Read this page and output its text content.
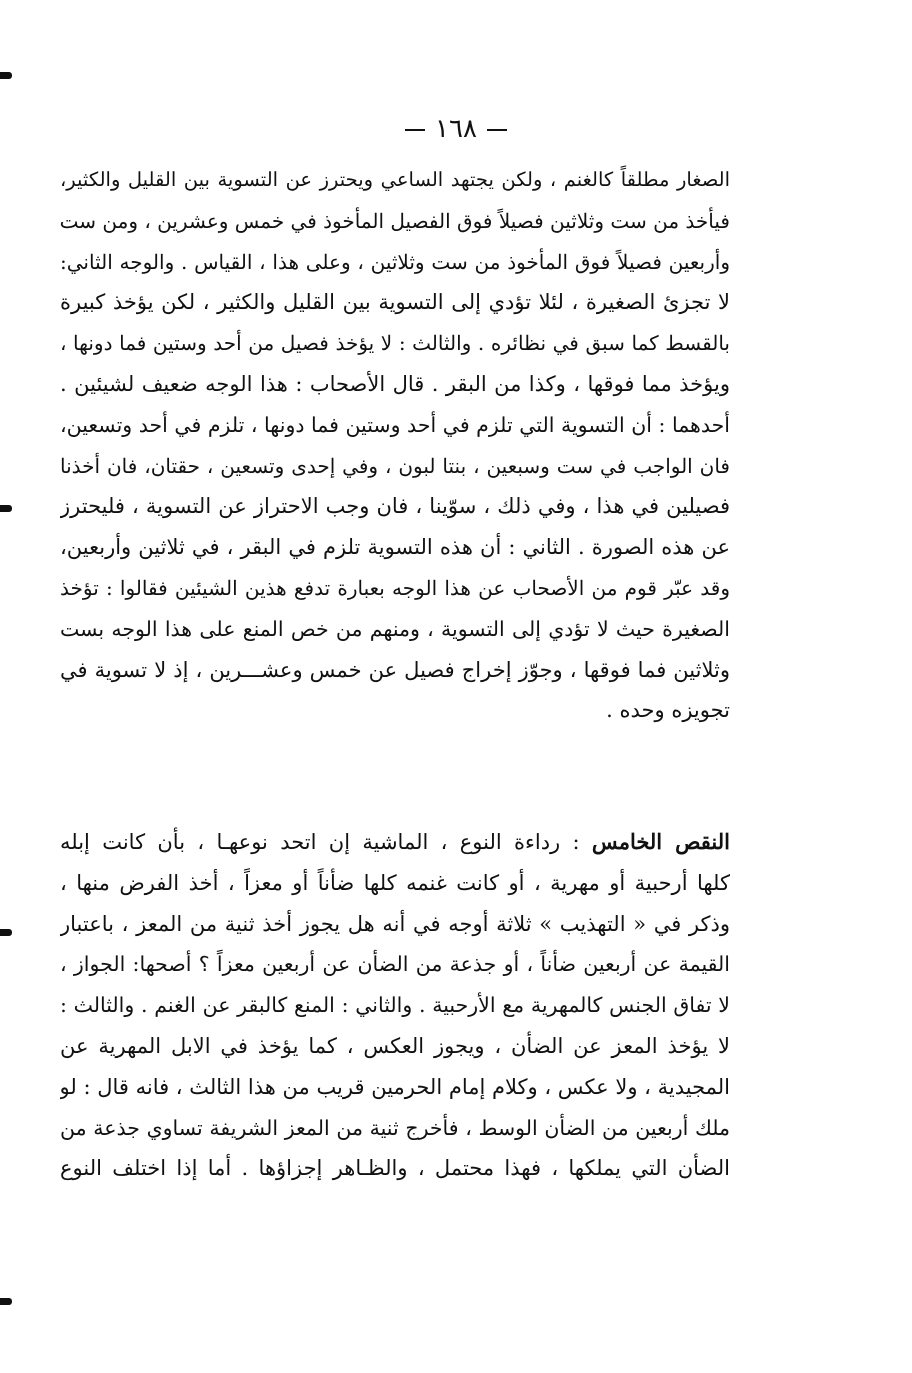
١٦٨
الصغار مطلقاً كالغنم ، ولكن يجتهد الساعي ويحترز عن التسوية بين القليل والكثير،
فيأخذ من ست وثلاثين فصيلاً فوق الفصيل المأخوذ في خمس وعشرين ، ومن ست
وأربعين فصيلاً فوق المأخوذ من ست وثلاثين ، وعلى هذا ، القياس . والوجه الثاني:
لا تجزئ الصغيرة ، لئلا تؤدي إلى التسوية بين القليل والكثير ، لكن يؤخذ كبيرة
بالقسط كما سبق في نظائره . والثالث : لا يؤخذ فصيل من أحد وستين فما دونها ،
ويؤخذ مما فوقها ، وكذا من البقر . قال الأصحاب : هذا الوجه ضعيف لشيئين .
أحدهما : أن التسوية التي تلزم في أحد وستين فما دونها ، تلزم في أحد وتسعين،
فان الواجب في ست وسبعين ، بنتا لبون ، وفي إحدى وتسعين ، حقتان، فان أخذنا
فصيلين في هذا ، وفي ذلك ، سوّينا ، فان وجب الاحتراز عن التسوية ، فليحترز
عن هذه الصورة . الثاني : أن هذه التسوية تلزم في البقر ، في ثلاثين وأربعين،
وقد عبّر قوم من الأصحاب عن هذا الوجه بعبارة تدفع هذين الشيئين فقالوا : تؤخذ
الصغيرة حيث لا تؤدي إلى التسوية ، ومنهم من خص المنع على هذا الوجه بست
وثلاثين فما فوقها ، وجوّز إخراج فصيل عن خمس وعشـــرين ، إذ لا تسوية في
تجويزه وحده .
النقص الخامس : رداءة النوع ، الماشية إن اتحد نوعهـا ، بأن كانت إبله
كلها أرحبية أو مهرية ، أو كانت غنمه كلها ضأناً أو معزاً ، أخذ الفرض منها ،
وذكر في « التهذيب » ثلاثة أوجه في أنه هل يجوز أخذ ثنية من المعز ، باعتبار
القيمة عن أربعين ضأناً ، أو جذعة من الضأن عن أربعين معزاً ؟ أصحها: الجواز ،
لا تفاق الجنس كالمهرية مع الأرحبية . والثاني : المنع كالبقر عن الغنم . والثالث :
لا يؤخذ المعز عن الضأن ، ويجوز العكس ، كما يؤخذ في الابل المهرية عن
المجيدية ، ولا عكس ، وكلام إمام الحرمين قريب من هذا الثالث ، فانه قال : لو
ملك أربعين من الضأن الوسط ، فأخرج ثنية من المعز الشريفة تساوي جذعة من
الضأن التي يملكها ، فهذا محتمل ، والظـاهر إجزاؤها . أما إذا اختلف النوع
